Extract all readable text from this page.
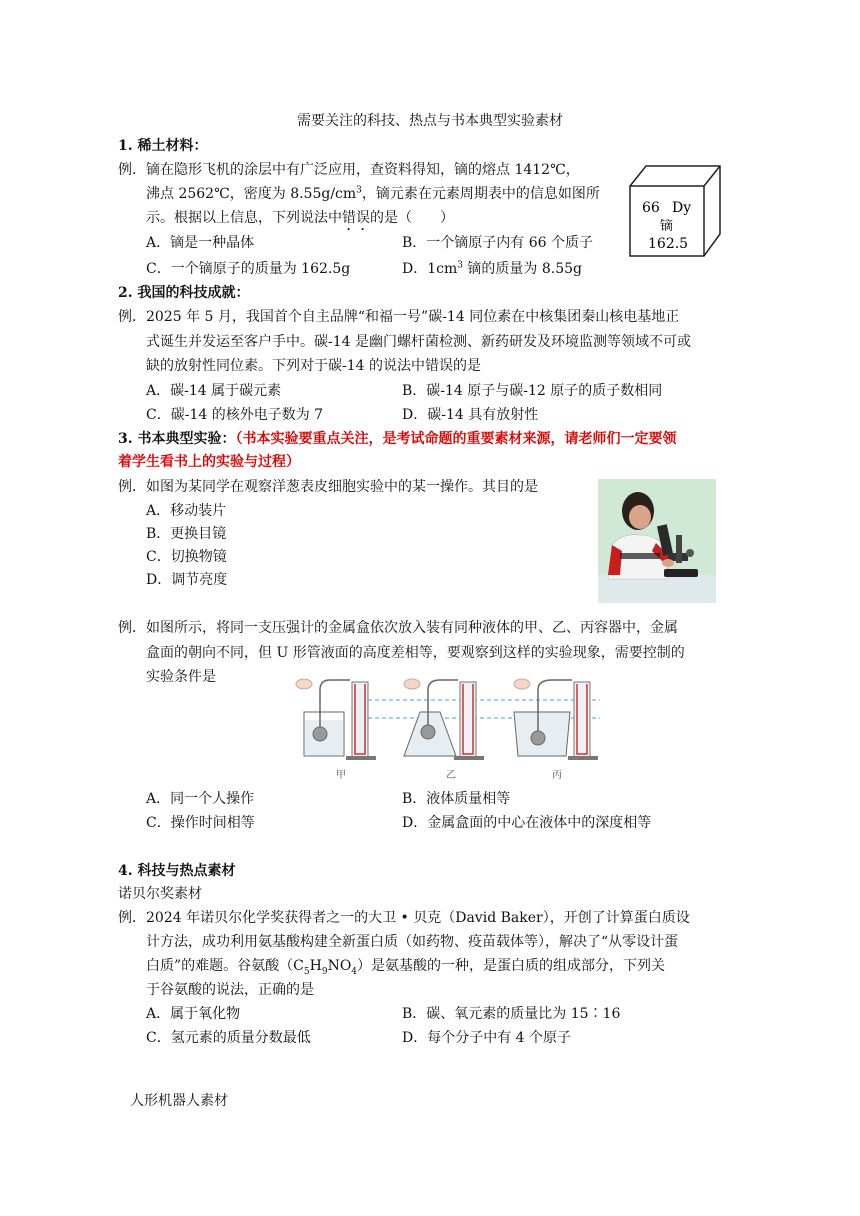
需要关注的科技、热点与书本典型实验素材
1. 稀土材料：
例．镝在隐形飞机的涂层中有广泛应用，查资料得知，镝的熔点 1412℃，
沸点 2562℃，密度为 $8.55g/cm^3$，镝元素在元素周期表中的信息如图所
示。根据以上信息，下列说法中错误的是（　　）
A．镝是一种晶体	B．一个镝原子内有 66 个质子
C．一个镝原子的质量为 162.5g	D．$1cm^3$ 镝的质量为 8.55g
66 Dy
镝
162.5
2. 我国的科技成就：
例．2025 年 5 月，我国首个自主品牌“和福一号”碳-14 同位素在中核集团秦山核电基地正
式诞生并发运至客户手中。碳-14 是幽门螺杆菌检测、新药研发及环境监测等领域不可或
缺的放射性同位素。下列对于碳-14 的说法中错误的是
A．碳-14 属于碳元素	B．碳-14 原子与碳-12 原子的质子数相同
C．碳-14 的核外电子数为 7	D．碳-14 具有放射性
3. 书本典型实验：（书本实验要重点关注，是考试命题的重要素材来源，请老师们一定要领
着学生看书上的实验与过程）
例．如图为某同学在观察洋葱表皮细胞实验中的某一操作。其目的是
A．移动装片
B．更换目镜
C．切换物镜
D．调节亮度
例．如图所示，将同一支压强计的金属盒依次放入装有同种液体的甲、乙、丙容器中，金属
盒面的朝向不同，但 U 形管液面的高度差相等，要观察到这样的实验现象，需要控制的
实验条件是
甲	乙	丙
A．同一个人操作	B．液体质量相等
C．操作时间相等	D．金属盒面的中心在液体中的深度相等
4. 科技与热点素材
诺贝尔奖素材
例．2024 年诺贝尔化学奖获得者之一的大卫 • 贝克（David Baker），开创了计算蛋白质设
计方法，成功利用氨基酸构建全新蛋白质（如药物、疫苗载体等），解决了“从零设计蛋
白质”的难题。谷氨酸$(C_5H_9NO_4)$是氨基酸的一种，是蛋白质的组成部分，下列关
于谷氨酸的说法，正确的是
A．属于氧化物	B．碳、氧元素的质量比为 15∶16
C．氢元素的质量分数最低	D．每个分子中有 4 个原子
人形机器人素材
